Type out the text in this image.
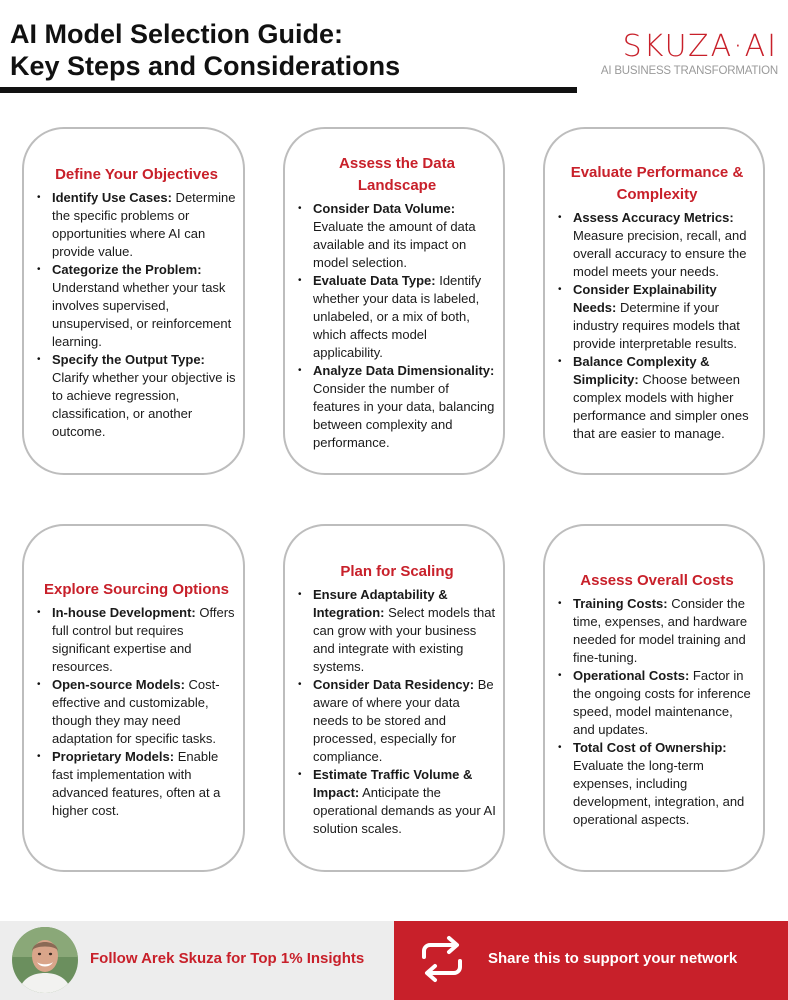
AI Model Selection Guide:
Key Steps and Considerations
SKUZA·AI
AI BUSINESS TRANSFORMATION
Define Your Objectives
• Identify Use Cases: Determine the specific problems or opportunities where AI can provide value.
• Categorize the Problem: Understand whether your task involves supervised, unsupervised, or reinforcement learning.
• Specify the Output Type: Clarify whether your objective is to achieve regression, classification, or another outcome.
Assess the Data Landscape
• Consider Data Volume: Evaluate the amount of data available and its impact on model selection.
• Evaluate Data Type: Identify whether your data is labeled, unlabeled, or a mix of both, which affects model applicability.
• Analyze Data Dimensionality: Consider the number of features in your data, balancing between complexity and performance.
Evaluate Performance & Complexity
• Assess Accuracy Metrics: Measure precision, recall, and overall accuracy to ensure the model meets your needs.
• Consider Explainability Needs: Determine if your industry requires models that provide interpretable results.
• Balance Complexity & Simplicity: Choose between complex models with higher performance and simpler ones that are easier to manage.
Explore Sourcing Options
• In-house Development: Offers full control but requires significant expertise and resources.
• Open-source Models: Cost-effective and customizable, though they may need adaptation for specific tasks.
• Proprietary Models: Enable fast implementation with advanced features, often at a higher cost.
Plan for Scaling
• Ensure Adaptability & Integration: Select models that can grow with your business and integrate with existing systems.
• Consider Data Residency: Be aware of where your data needs to be stored and processed, especially for compliance.
• Estimate Traffic Volume & Impact: Anticipate the operational demands as your AI solution scales.
Assess Overall Costs
• Training Costs: Consider the time, expenses, and hardware needed for model training and fine-tuning.
• Operational Costs: Factor in the ongoing costs for inference speed, model maintenance, and updates.
• Total Cost of Ownership: Evaluate the long-term expenses, including development, integration, and operational aspects.
Follow Arek Skuza for Top 1% Insights	Share this to support your network
